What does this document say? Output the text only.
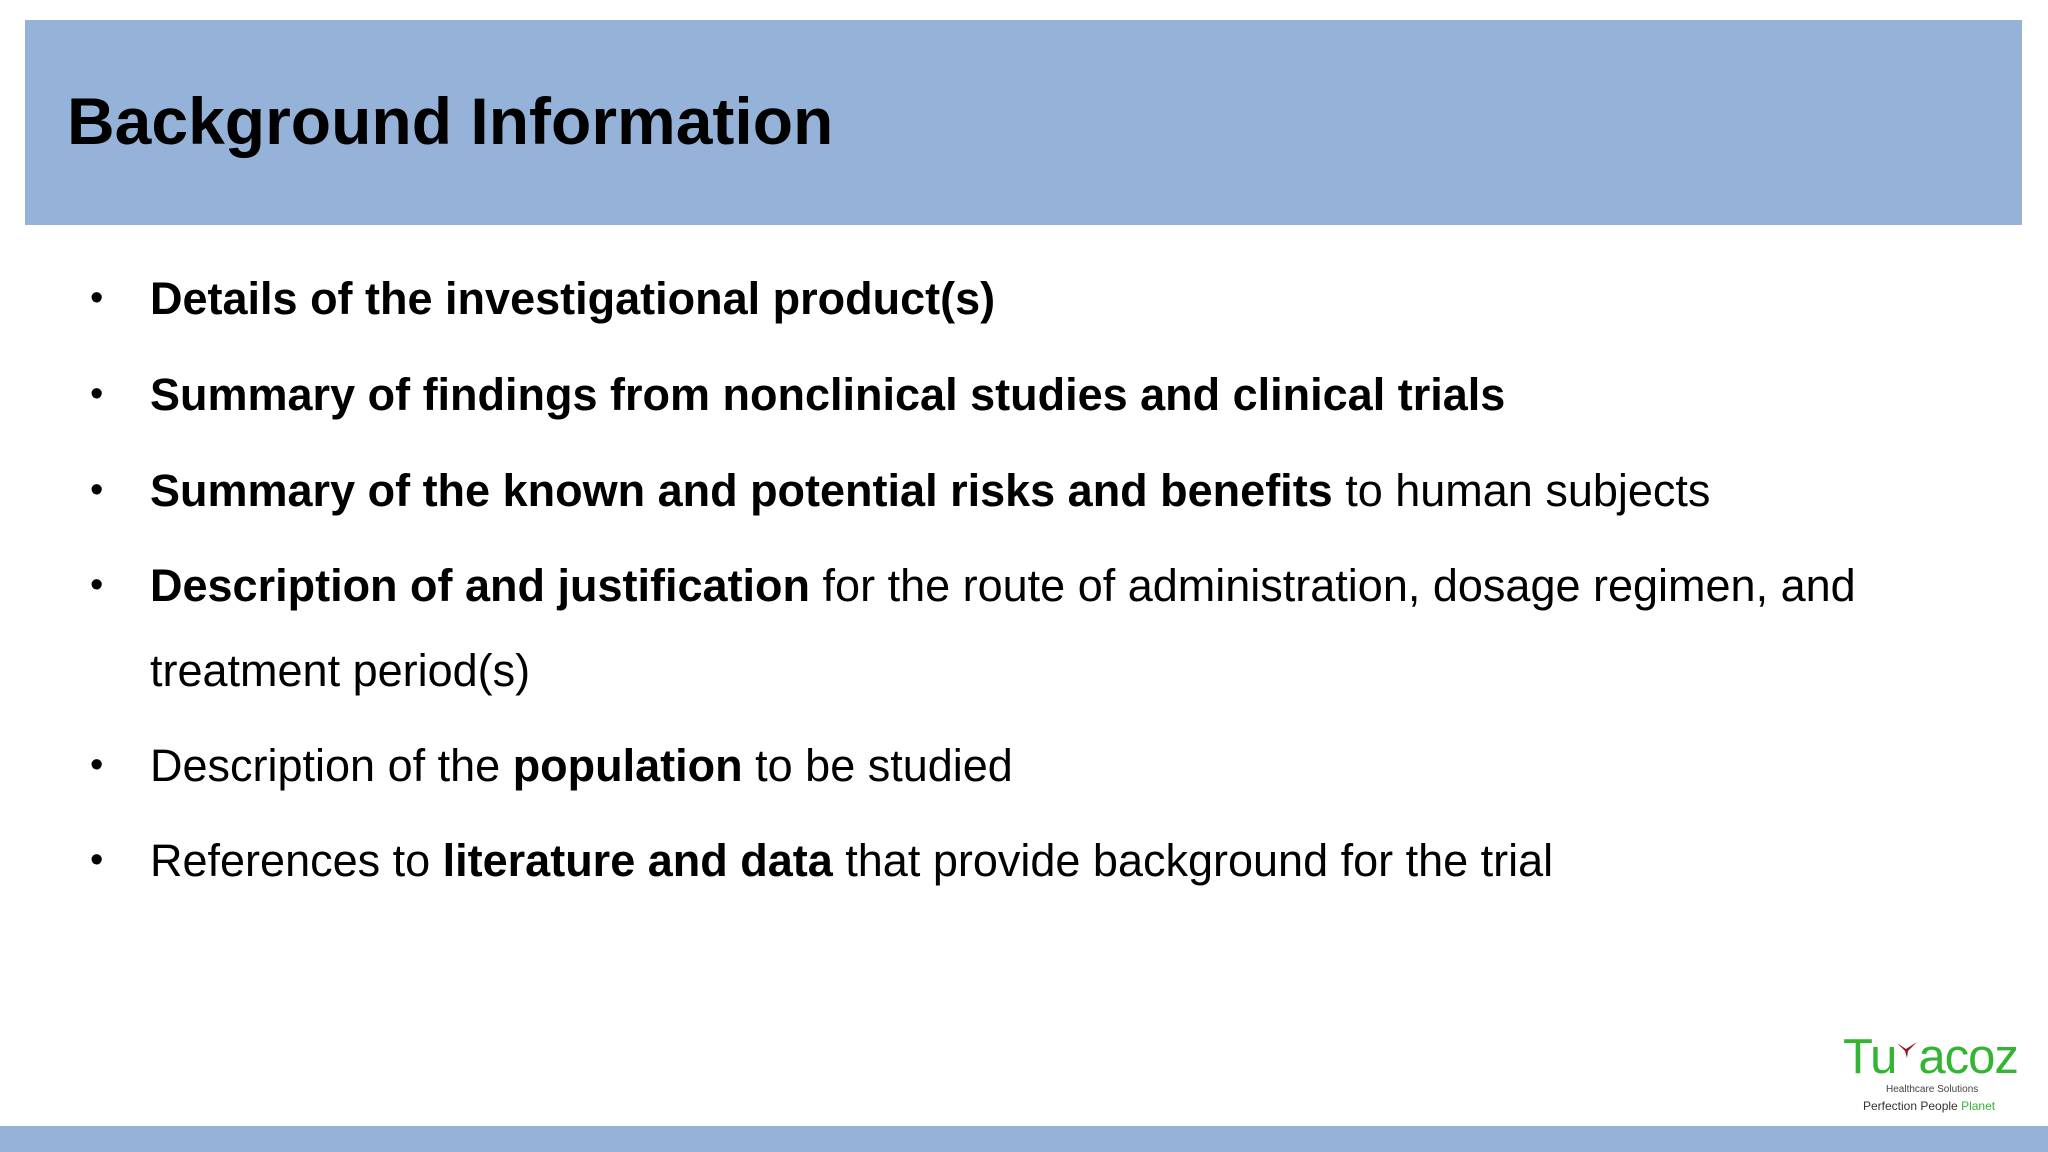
Background Information
• Details of the investigational product(s)
• Summary of findings from nonclinical studies and clinical trials
• Summary of the known and potential risks and benefits to human subjects
• Description of and justification for the route of administration, dosage regimen, and treatment period(s)
• Description of the population to be studied
• References to literature and data that provide background for the trial
Tu acoz
Healthcare Solutions
Perfection People Planet
